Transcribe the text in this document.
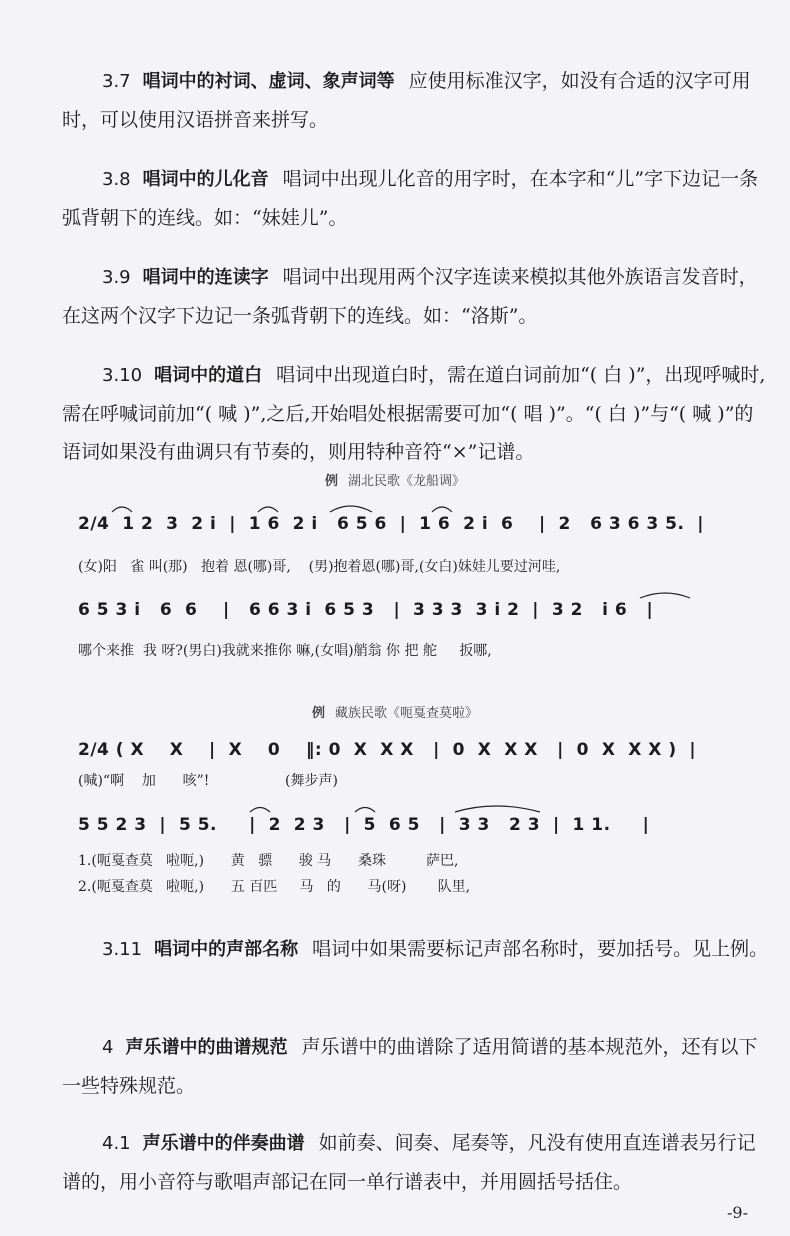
3.7 唱词中的衬词、虚词、象声词等 应使用标准汉字，如没有合适的汉字可用时，可以使用汉语拼音来拼写。
3.8 唱词中的儿化音 唱词中出现儿化音的用字时，在本字和“儿”字下边记一条弧背朝下的连线。如：“妹娃儿”。
3.9 唱词中的连读字 唱词中出现用两个汉字连读来模拟其他外族语言发音时，在这两个汉字下边记一条弧背朝下的连线。如：“洛斯”。
3.10 唱词中的道白 唱词中出现道白时，需在道白词前加“( 白 )”，出现呼喊时,需在呼喊词前加“( 喊 )”,之后,开始唱处根据需要可加“( 唱 )”。“( 白 )”与“( 喊 )”的语词如果没有曲调只有节奏的，则用特种音符“×”记谱。
例 湖北民歌《龙船调》
2/4  1 2  3  2 i  |  1 6  2 i   6 5 6  |  1 6  2 i  6    |  2   6 3 6 3 5.  |
(女)阳   雀 叫(那)   抱着 恩(哪)哥,    (男)抱着恩(哪)哥,(女白)妹娃儿要过河哇,
6 5 3 i   6  6    |   6 6 3 i  6 5 3   |  3 3 3  3 i 2  |  3 2   i 6   |
哪个来推  我 呀?(男白)我就来推你 嘛,(女唱)艄翁 你 把 舵     扳哪,
例 藏族民歌《呃戛查莫啦》
2/4 ( X    X    |  X    0    ‖: 0  X  X X   |  0  X  X X   |  0  X  X X )  |
(喊)“啊    加      咳”!                 (舞步声)
5 5 2 3  |  5 5.     |  2  2 3   |  5  6 5   |  3 3   2 3  |  1 1.     |
1.(呃戛查莫   啦呃,)      黄   骠      骏 马      桑珠         萨巴,
2.(呃戛查莫   啦呃,)      五 百匹     马   的      马(呀)       队里,
3.11 唱词中的声部名称 唱词中如果需要标记声部名称时，要加括号。见上例。
4 声乐谱中的曲谱规范 声乐谱中的曲谱除了适用简谱的基本规范外，还有以下一些特殊规范。
4.1 声乐谱中的伴奏曲谱 如前奏、间奏、尾奏等，凡没有使用直连谱表另行记谱的，用小音符与歌唱声部记在同一单行谱表中，并用圆括号括住。
-9-
